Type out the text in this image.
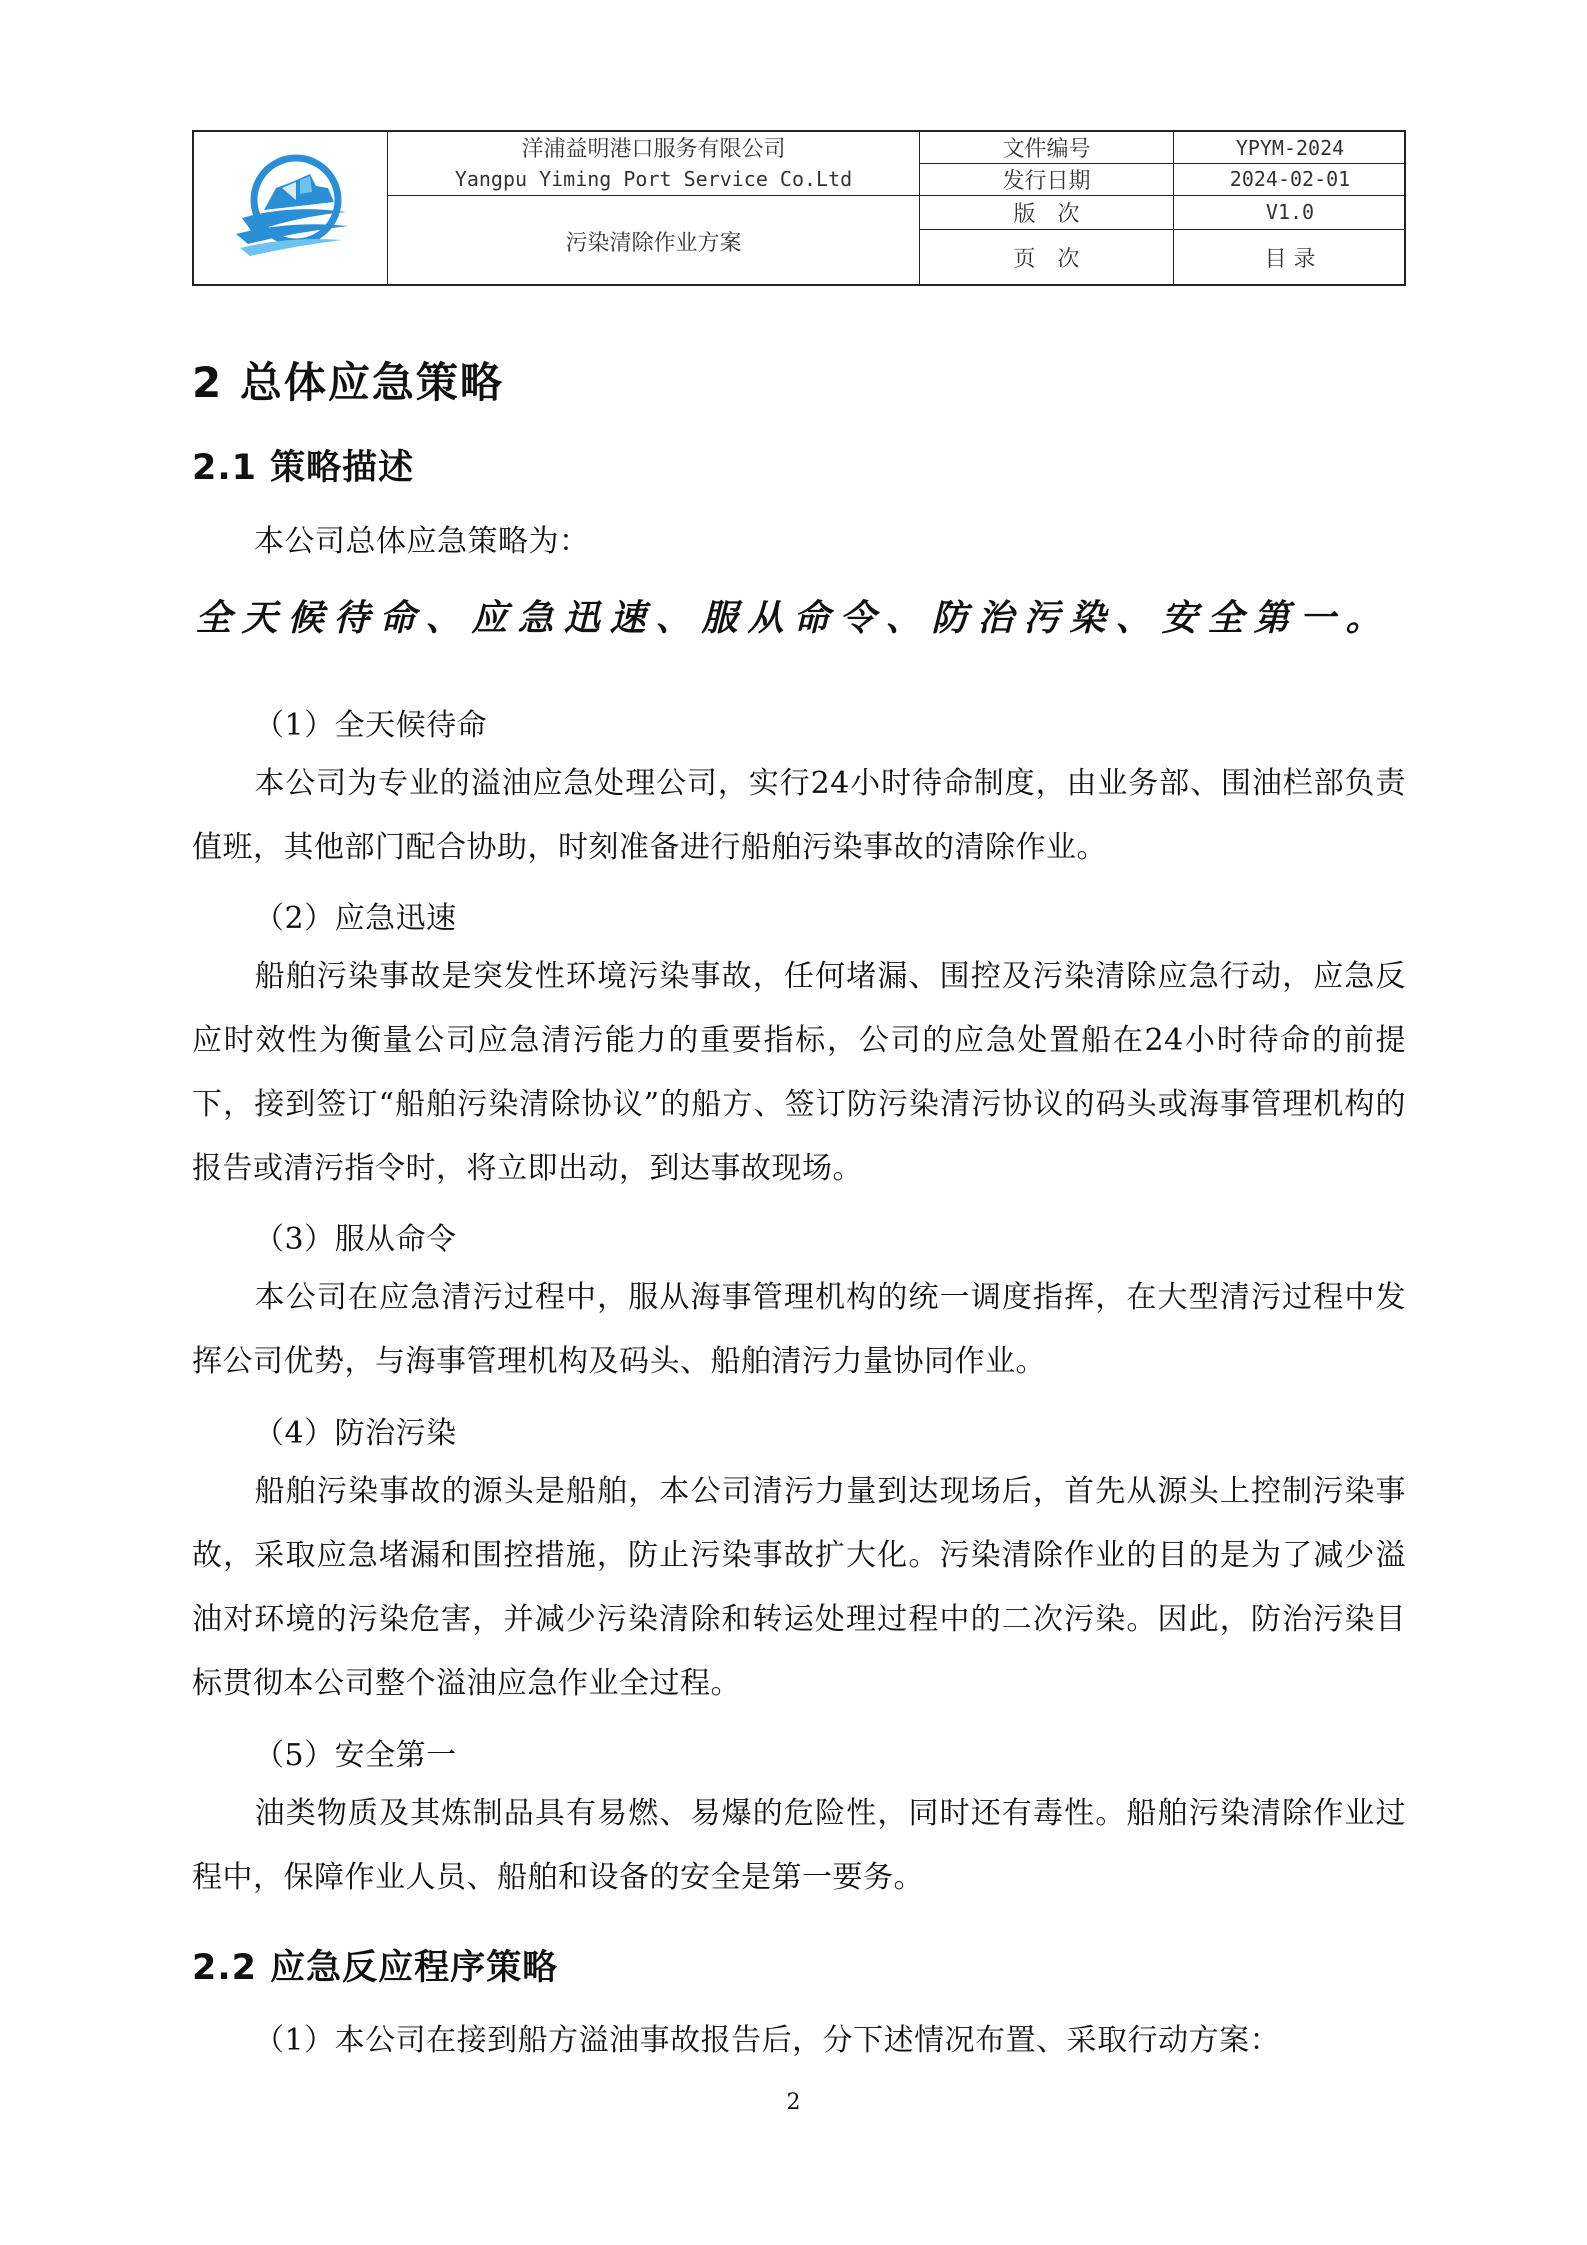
洋浦益明港口服务有限公司
Yangpu Yiming Port Service Co.Ltd
污染清除作业方案
文件编号	YPYM-2024
发行日期	2024-02-01
版　次	V1.0
页　次	目 录
2 总体应急策略
2.1 策略描述
本公司总体应急策略为：
全天候待命、应急迅速、服从命令、防治污染、安全第一。
（1）全天候待命
本公司为专业的溢油应急处理公司，实行24小时待命制度，由业务部、围油栏部负责值班，其他部门配合协助，时刻准备进行船舶污染事故的清除作业。
（2）应急迅速
船舶污染事故是突发性环境污染事故，任何堵漏、围控及污染清除应急行动，应急反应时效性为衡量公司应急清污能力的重要指标，公司的应急处置船在24小时待命的前提下，接到签订“船舶污染清除协议”的船方、签订防污染清污协议的码头或海事管理机构的报告或清污指令时，将立即出动，到达事故现场。
（3）服从命令
本公司在应急清污过程中，服从海事管理机构的统一调度指挥，在大型清污过程中发挥公司优势，与海事管理机构及码头、船舶清污力量协同作业。
（4）防治污染
船舶污染事故的源头是船舶，本公司清污力量到达现场后，首先从源头上控制污染事故，采取应急堵漏和围控措施，防止污染事故扩大化。污染清除作业的目的是为了减少溢油对环境的污染危害，并减少污染清除和转运处理过程中的二次污染。因此，防治污染目标贯彻本公司整个溢油应急作业全过程。
（5）安全第一
油类物质及其炼制品具有易燃、易爆的危险性，同时还有毒性。船舶污染清除作业过程中，保障作业人员、船舶和设备的安全是第一要务。
2.2 应急反应程序策略
（1）本公司在接到船方溢油事故报告后，分下述情况布置、采取行动方案：
2
